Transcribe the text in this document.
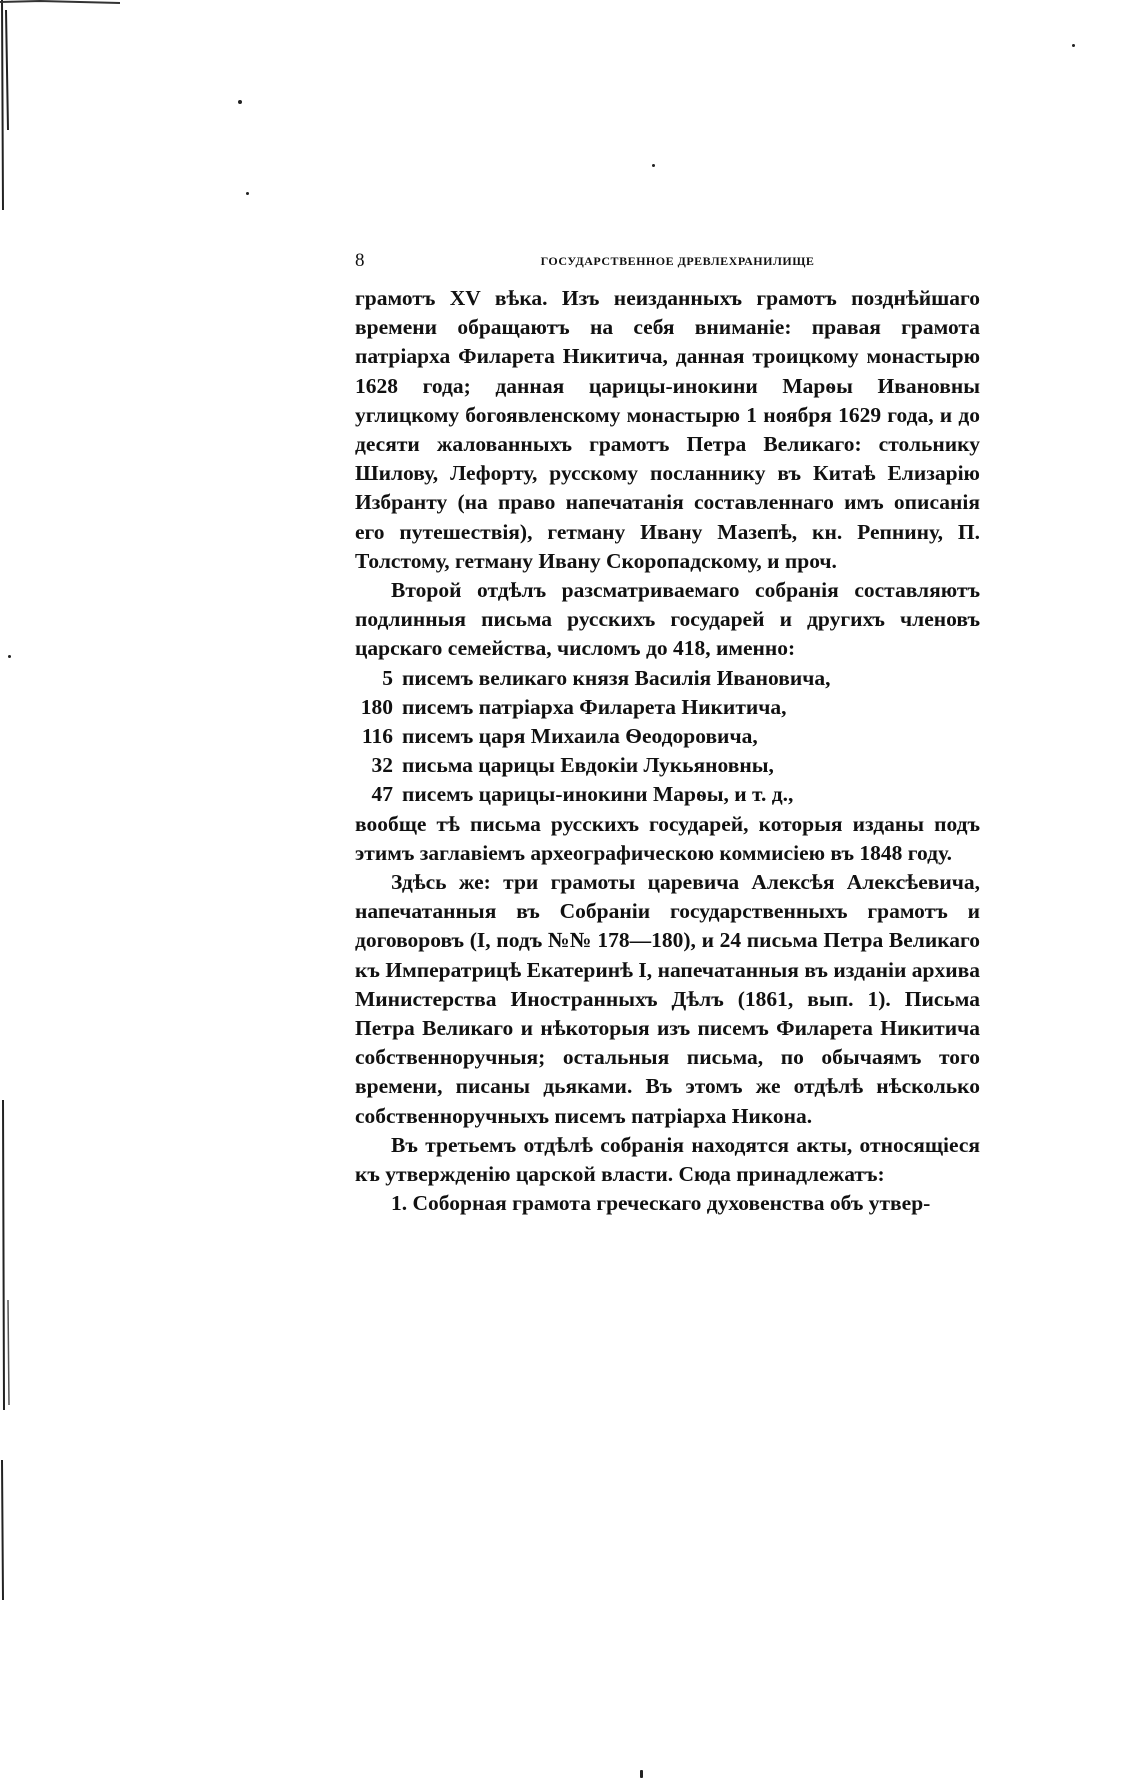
8	ГОСУДАРСТВЕННОЕ ДРЕВЛЕХРАНИЛИЩЕ

грамотъ XV вѣка. Изъ неизданныхъ грамотъ позднѣйшаго времени обращаютъ на себя вниманіе: правая грамота патріарха Филарета Никитича, данная троицкому монастырю 1628 года; данная царицы-инокини Марѳы Ивановны углицкому богоявленскому монастырю 1 ноября 1629 года, и до десяти жалованныхъ грамотъ Петра Великаго: стольнику Шилову, Лефорту, русскому посланнику въ Китаѣ Елизарію Избранту (на право напечатанія составленнаго имъ описанія его путешествія), гетману Ивану Мазепѣ, кн. Репнину, П. Толстому, гетману Ивану Скоропадскому, и проч.

Второй отдѣлъ разсматриваемаго собранія составляютъ подлинныя письма русскихъ государей и другихъ членовъ царскаго семейства, числомъ до 418, именно:

5 писемъ великаго князя Василія Ивановича,
180 писемъ патріарха Филарета Никитича,
116 писемъ царя Михаила Ѳеодоровича,
32 письма царицы Евдокіи Лукьяновны,
47 писемъ царицы-инокини Марѳы, и т. д.,

вообще тѣ письма русскихъ государей, которыя изданы подъ этимъ заглавіемъ археографическою коммисіею въ 1848 году.

Здѣсь же: три грамоты царевича Алексѣя Алексѣевича, напечатанныя въ Собраніи государственныхъ грамотъ и договоровъ (I, подъ №№ 178—180), и 24 письма Петра Великаго къ Императрицѣ Екатеринѣ I, напечатанныя въ изданіи архива Министерства Иностранныхъ Дѣлъ (1861, вып. 1). Письма Петра Великаго и нѣкоторыя изъ писемъ Филарета Никитича собственноручныя; остальныя письма, по обычаямъ того времени, писаны дьяками. Въ этомъ же отдѣлѣ нѣсколько собственноручныхъ писемъ патріарха Никона.

Въ третьемъ отдѣлѣ собранія находятся акты, относящіеся къ утвержденію царской власти. Сюда принадлежатъ:

1. Соборная грамота греческаго духовенства объ утвер-
